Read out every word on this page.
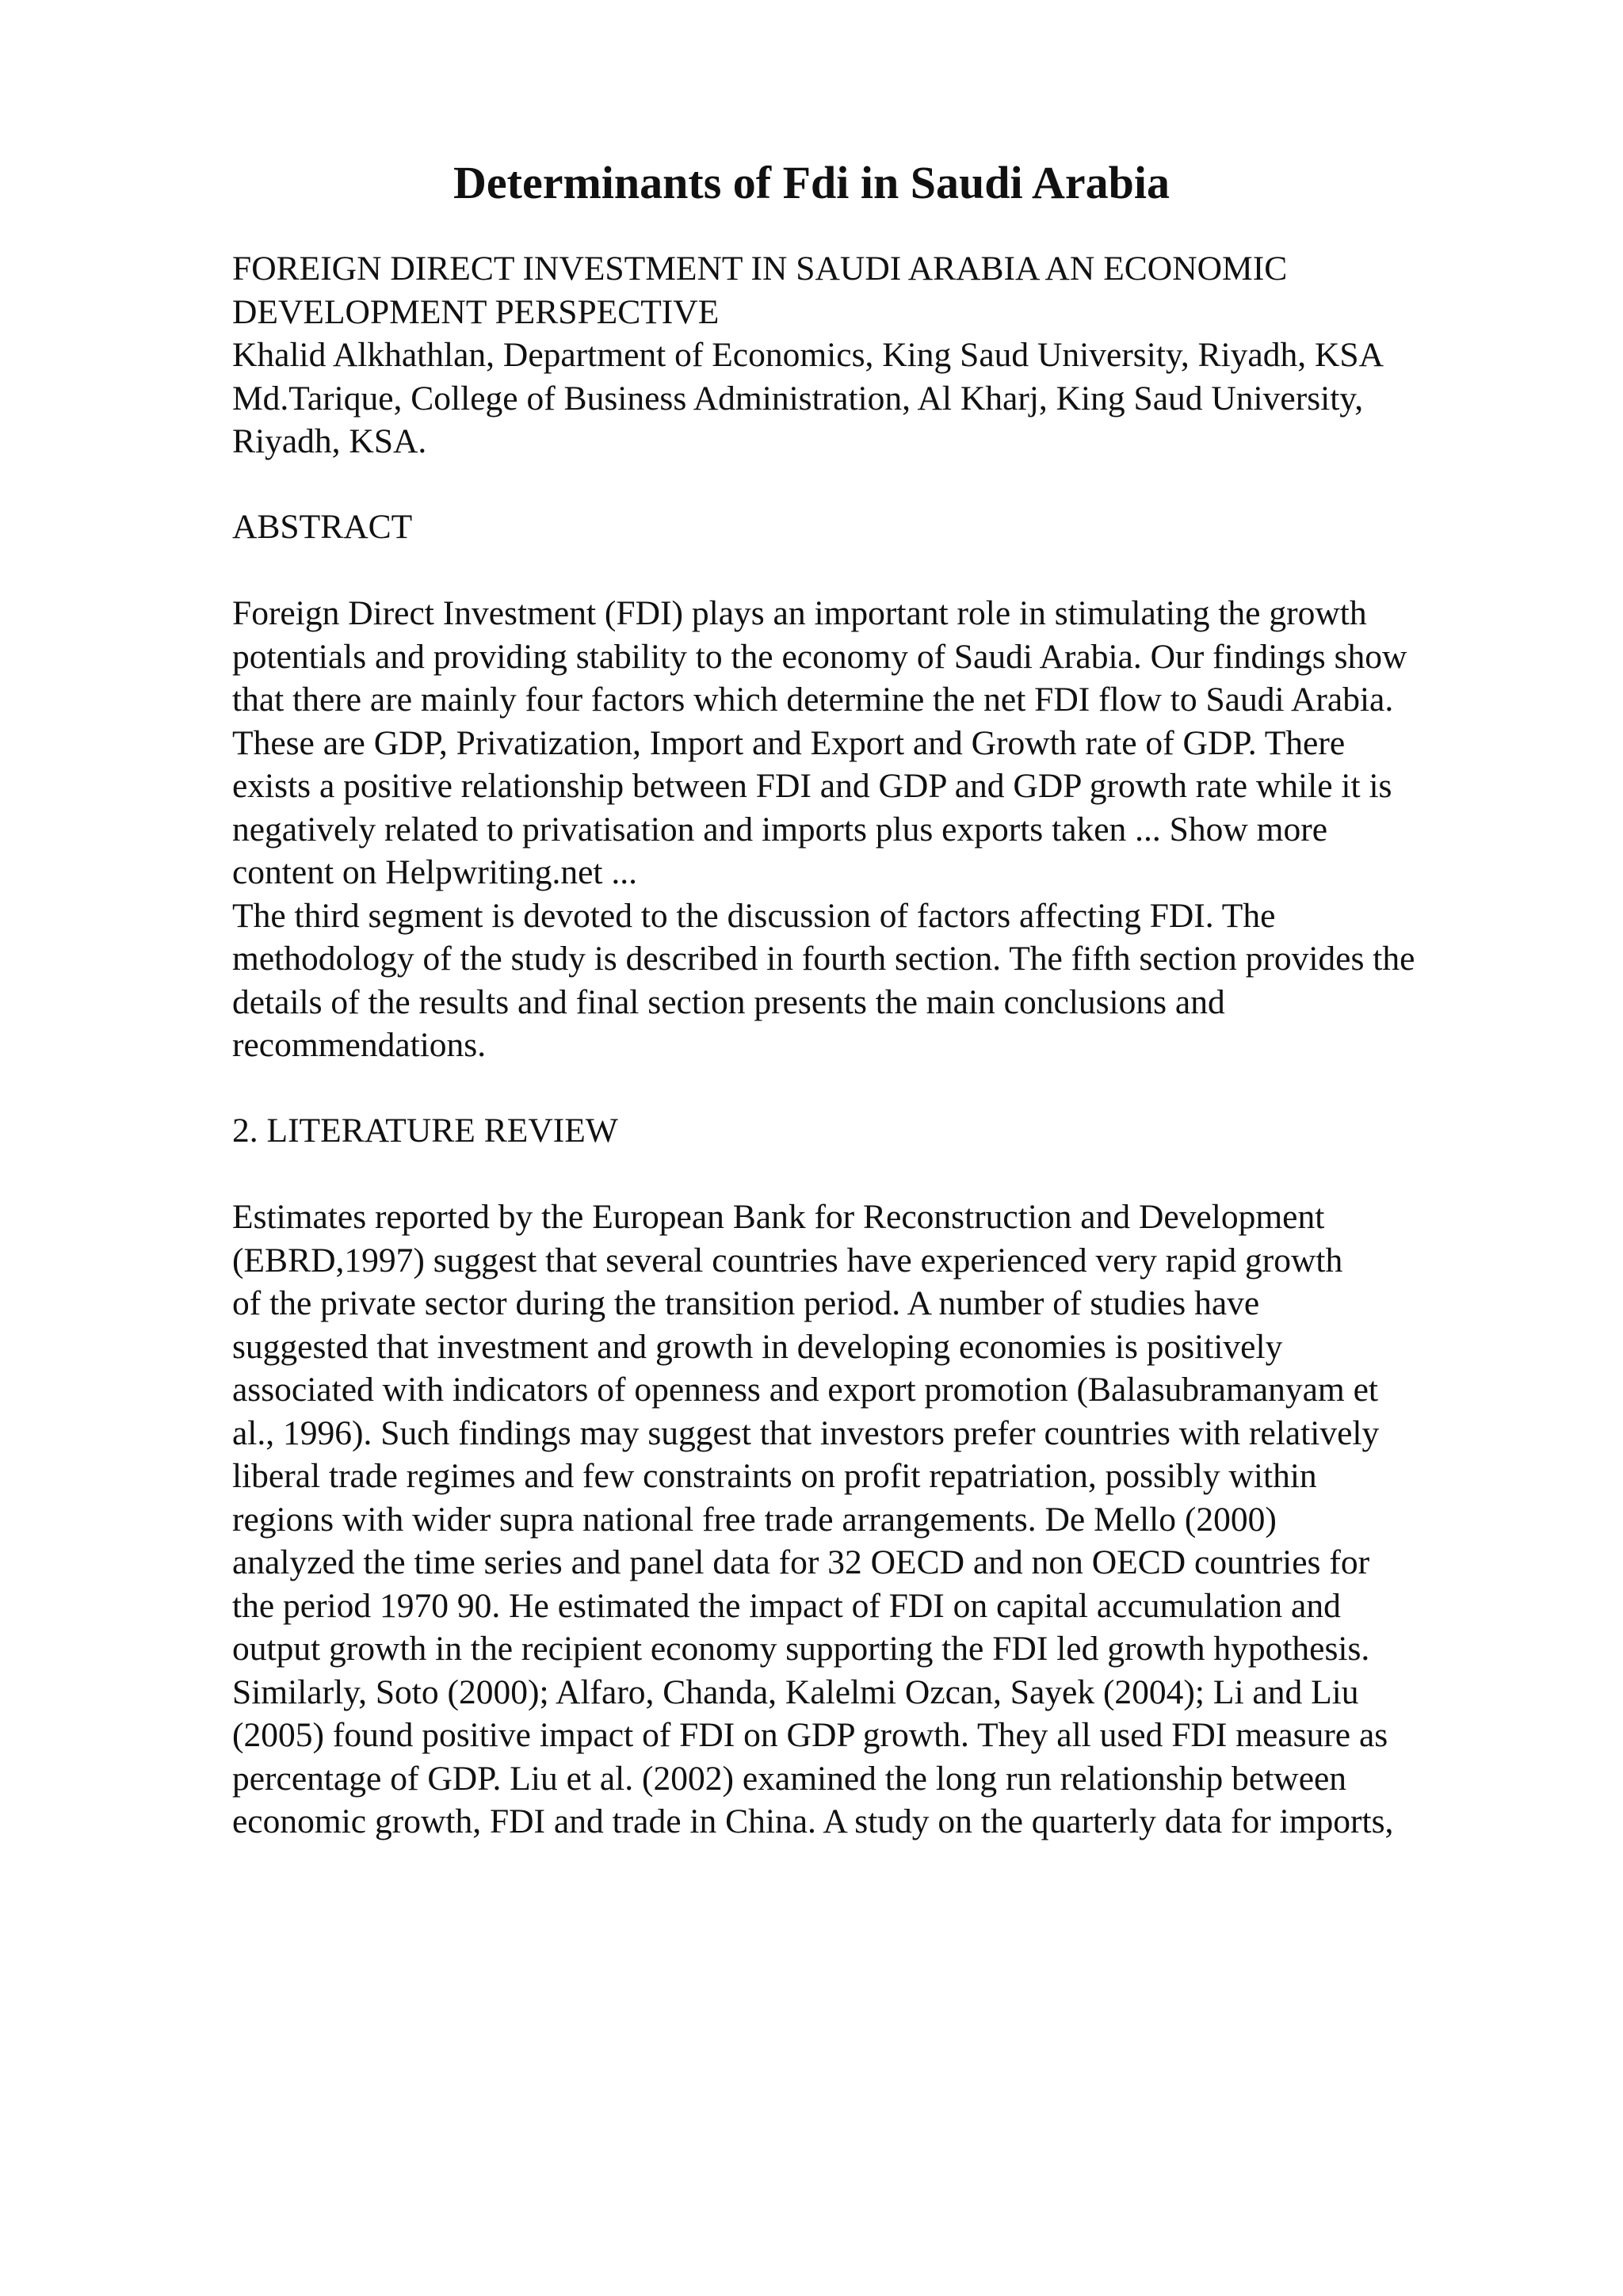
Determinants of Fdi in Saudi Arabia
FOREIGN DIRECT INVESTMENT IN SAUDI ARABIA AN ECONOMIC
DEVELOPMENT PERSPECTIVE
Khalid Alkhathlan, Department of Economics, King Saud University, Riyadh, KSA
Md.Tarique, College of Business Administration, Al Kharj, King Saud University,
Riyadh, KSA.
ABSTRACT
Foreign Direct Investment (FDI) plays an important role in stimulating the growth
potentials and providing stability to the economy of Saudi Arabia. Our findings show
that there are mainly four factors which determine the net FDI flow to Saudi Arabia.
These are GDP, Privatization, Import and Export and Growth rate of GDP. There
exists a positive relationship between FDI and GDP and GDP growth rate while it is
negatively related to privatisation and imports plus exports taken ... Show more
content on Helpwriting.net ...
The third segment is devoted to the discussion of factors affecting FDI. The
methodology of the study is described in fourth section. The fifth section provides the
details of the results and final section presents the main conclusions and
recommendations.
2. LITERATURE REVIEW
Estimates reported by the European Bank for Reconstruction and Development
(EBRD,1997) suggest that several countries have experienced very rapid growth
of the private sector during the transition period. A number of studies have
suggested that investment and growth in developing economies is positively
associated with indicators of openness and export promotion (Balasubramanyam et
al., 1996). Such findings may suggest that investors prefer countries with relatively
liberal trade regimes and few constraints on profit repatriation, possibly within
regions with wider supra national free trade arrangements. De Mello (2000)
analyzed the time series and panel data for 32 OECD and non OECD countries for
the period 1970 90. He estimated the impact of FDI on capital accumulation and
output growth in the recipient economy supporting the FDI led growth hypothesis.
Similarly, Soto (2000); Alfaro, Chanda, Kalelmi Ozcan, Sayek (2004); Li and Liu
(2005) found positive impact of FDI on GDP growth. They all used FDI measure as
percentage of GDP. Liu et al. (2002) examined the long run relationship between
economic growth, FDI and trade in China. A study on the quarterly data for imports,
